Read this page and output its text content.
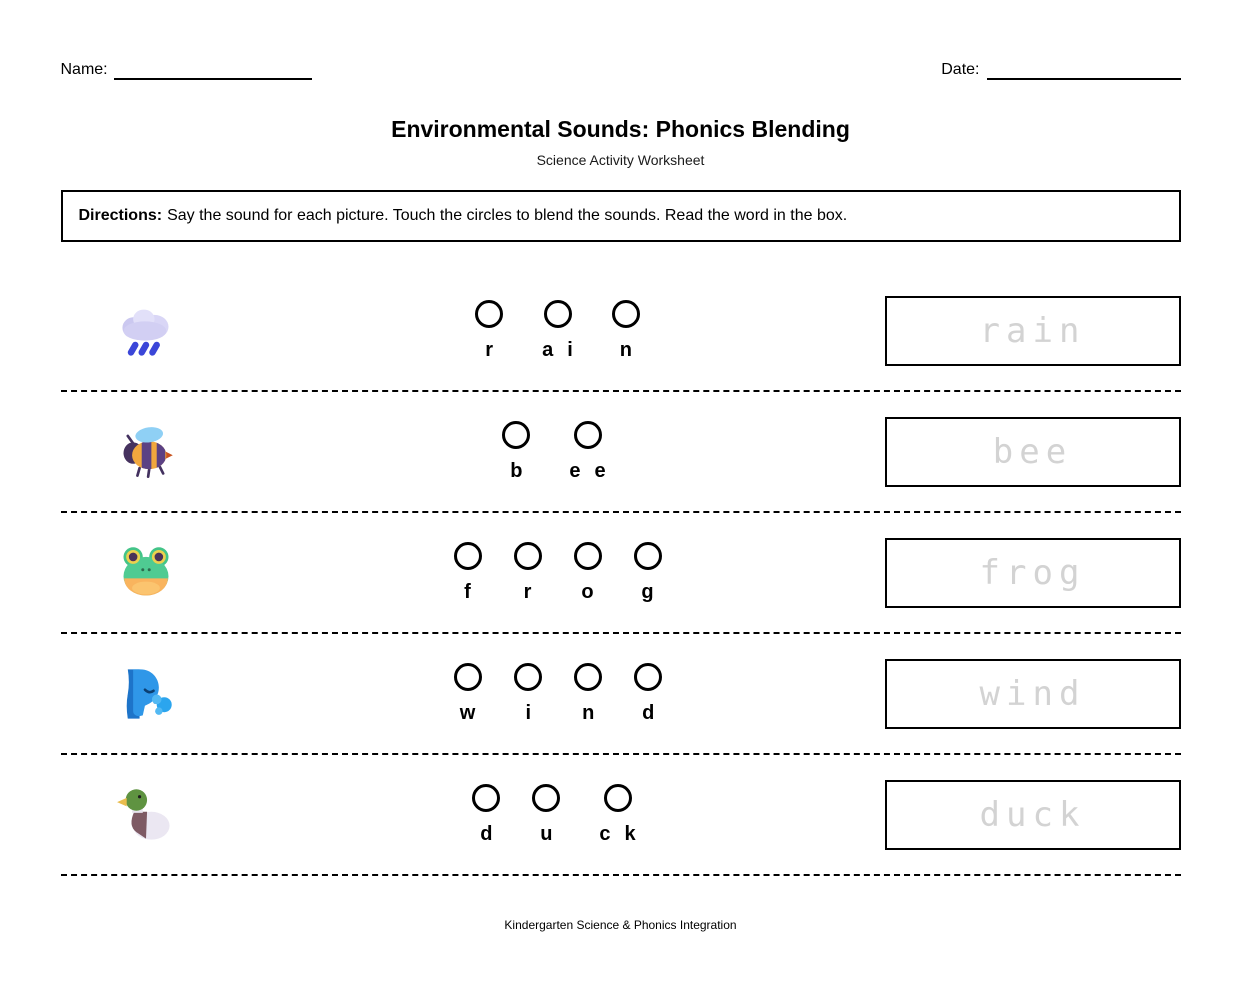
Name:	Date:
Environmental Sounds: Phonics Blending
Science Activity Worksheet
Directions: Say the sound for each picture. Touch the circles to blend the sounds. Read the word in the box.
r	a i	n	rain
b	e e	bee
f	r	o	g	frog
w	i	n	d	wind
d	u	c k	duck
Kindergarten Science & Phonics Integration
